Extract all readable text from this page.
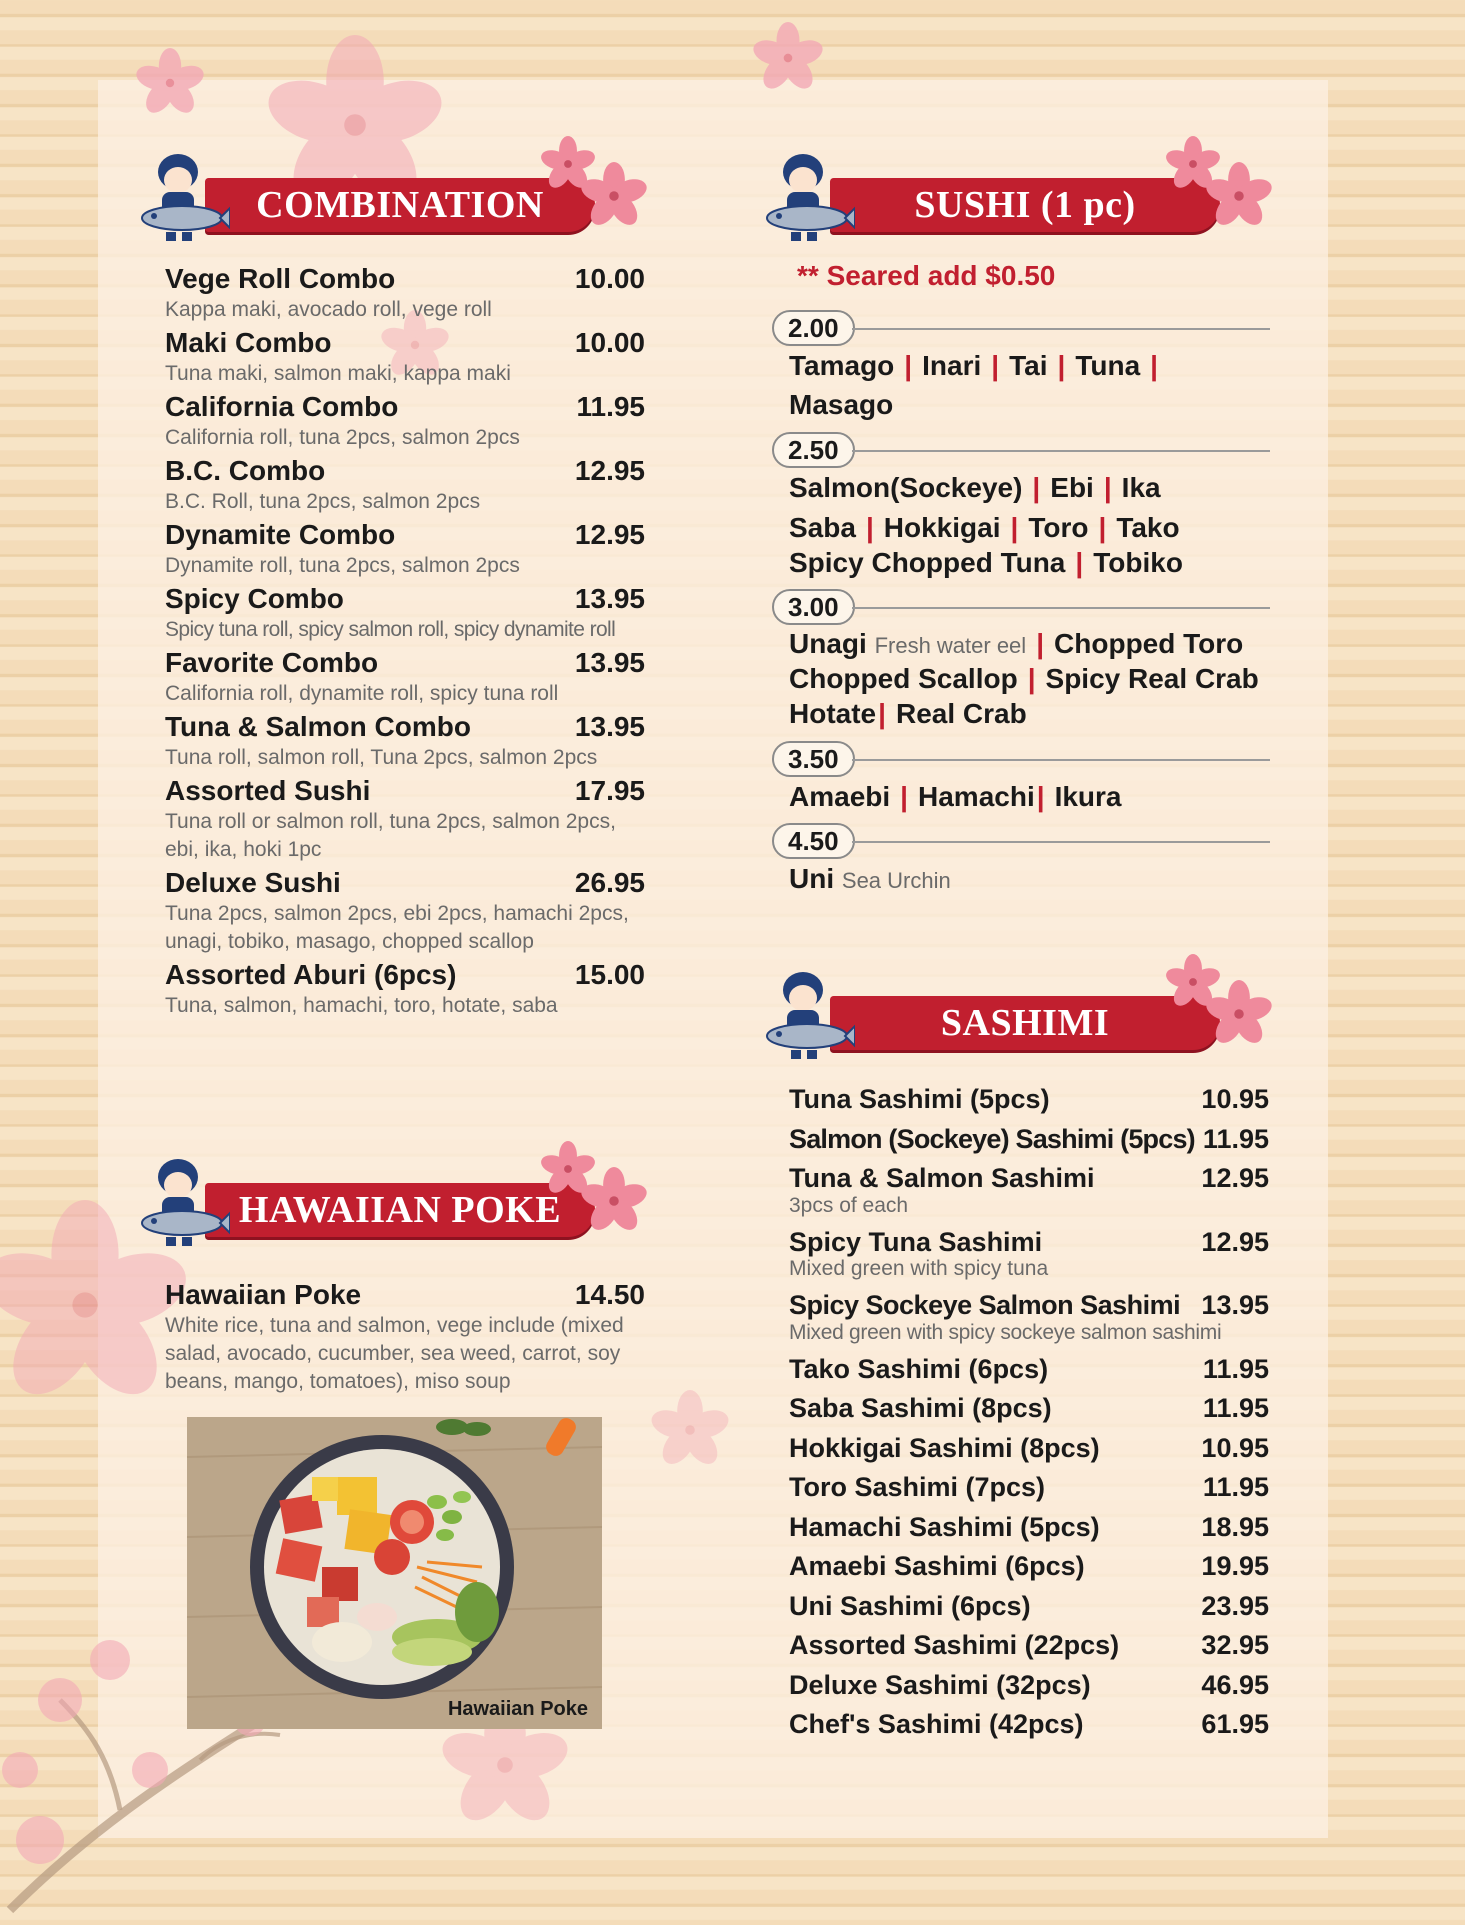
COMBINATION
Vege Roll Combo	10.00
Kappa maki, avocado roll, vege roll
Maki Combo	10.00
Tuna maki, salmon maki, kappa maki
California Combo	11.95
California roll, tuna 2pcs, salmon 2pcs
B.C. Combo	12.95
B.C. Roll, tuna 2pcs, salmon 2pcs
Dynamite Combo	12.95
Dynamite roll, tuna 2pcs, salmon 2pcs
Spicy Combo	13.95
Spicy tuna roll, spicy salmon roll, spicy dynamite roll
Favorite Combo	13.95
California roll, dynamite roll, spicy tuna roll
Tuna & Salmon Combo	13.95
Tuna roll, salmon roll, Tuna 2pcs, salmon 2pcs
Assorted Sushi	17.95
Tuna roll or salmon roll, tuna 2pcs, salmon 2pcs, ebi, ika, hoki 1pc
Deluxe Sushi	26.95
Tuna 2pcs, salmon 2pcs, ebi 2pcs, hamachi 2pcs, unagi, tobiko, masago, chopped scallop
Assorted Aburi (6pcs)	15.00
Tuna, salmon, hamachi, toro, hotate, saba
SUSHI (1 pc)
** Seared add $0.50
2.00
Tamago | Inari | Tai | Tuna |
Masago
2.50
Salmon(Sockeye) | Ebi | Ika
Saba | Hokkigai | Toro | Tako
Spicy Chopped Tuna | Tobiko
3.00
Unagi Fresh water eel | Chopped Toro
Chopped Scallop | Spicy Real Crab
Hotate| Real Crab
3.50
Amaebi | Hamachi| Ikura
4.50
Uni Sea Urchin
SASHIMI
Tuna Sashimi (5pcs)	10.95
Salmon (Sockeye) Sashimi (5pcs) 11.95
Tuna & Salmon Sashimi	12.95
3pcs of each
Spicy Tuna Sashimi	12.95
Mixed green with spicy tuna
Spicy Sockeye Salmon Sashimi 13.95
Mixed green with spicy sockeye salmon sashimi
Tako Sashimi (6pcs)	11.95
Saba Sashimi (8pcs)	11.95
Hokkigai Sashimi (8pcs)	10.95
Toro Sashimi (7pcs)	11.95
Hamachi Sashimi (5pcs)	18.95
Amaebi Sashimi (6pcs)	19.95
Uni Sashimi (6pcs)	23.95
Assorted Sashimi (22pcs)	32.95
Deluxe Sashimi (32pcs)	46.95
Chef's Sashimi (42pcs)	61.95
HAWAIIAN POKE
Hawaiian Poke	14.50
White rice, tuna and salmon, vege include (mixed salad, avocado, cucumber, sea weed, carrot, soy beans, mango, tomatoes), miso soup
Hawaiian Poke
